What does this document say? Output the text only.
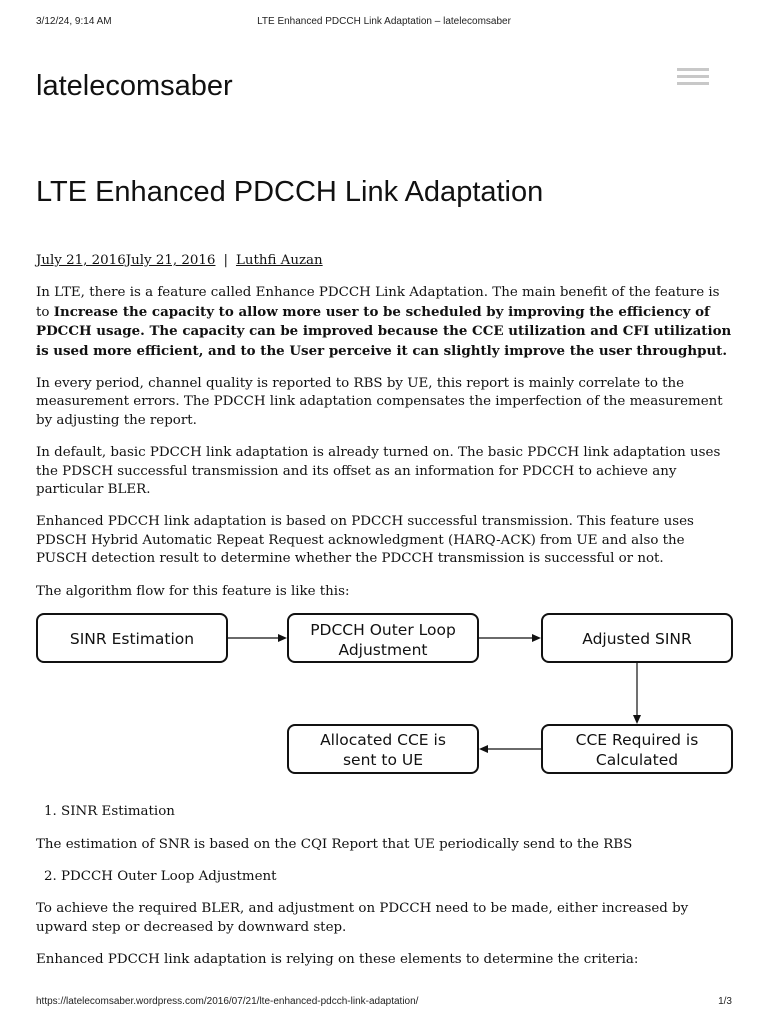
3/12/24, 9:14 AM	LTE Enhanced PDCCH Link Adaptation – latelecomsaber
latelecomsaber
LTE Enhanced PDCCH Link Adaptation

July 21, 2016July 21, 2016 | Luthfi Auzan

In LTE, there is a feature called Enhance PDCCH Link Adaptation. The main benefit of the feature is to Increase the capacity to allow more user to be scheduled by improving the efficiency of PDCCH usage. The capacity can be improved because the CCE utilization and CFI utilization is used more efficient, and to the User perceive it can slightly improve the user throughput.

In every period, channel quality is reported to RBS by UE, this report is mainly correlate to the measurement errors. The PDCCH link adaptation compensates the imperfection of the measurement by adjusting the report.

In default, basic PDCCH link adaptation is already turned on. The basic PDCCH link adaptation uses the PDSCH successful transmission and its offset as an information for PDCCH to achieve any particular BLER.

Enhanced PDCCH link adaptation is based on PDCCH successful transmission. This feature uses PDSCH Hybrid Automatic Repeat Request acknowledgment (HARQ-ACK) from UE and also the PUSCH detection result to determine whether the PDCCH transmission is successful or not.

The algorithm flow for this feature is like this:

SINR Estimation	PDCCH Outer Loop
Adjustment
Adjusted SINR
CCE Required is
Calculated
Allocated CCE is
sent to UE

1. SINR Estimation

The estimation of SNR is based on the CQI Report that UE periodically send to the RBS

2. PDCCH Outer Loop Adjustment

To achieve the required BLER, and adjustment on PDCCH need to be made, either increased by upward step or decreased by downward step.

Enhanced PDCCH link adaptation is relying on these elements to determine the criteria:

https://latelecomsaber.wordpress.com/2016/07/21/lte-enhanced-pdcch-link-adaptation/	1/3
